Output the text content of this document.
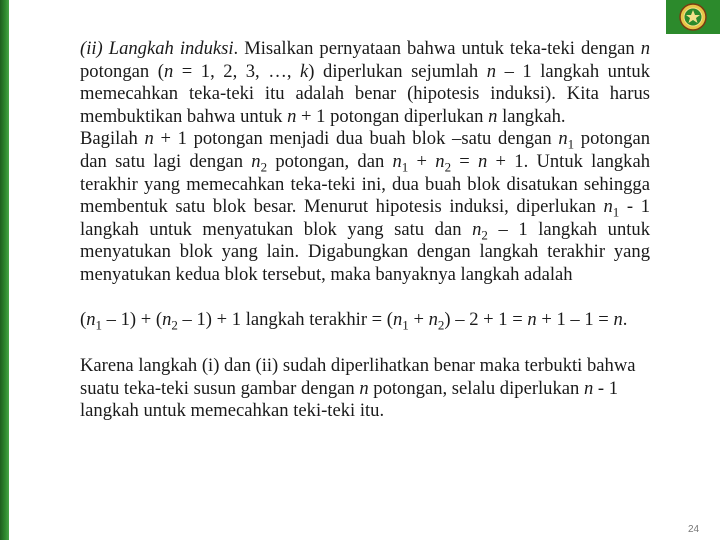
(ii) Langkah induksi. Misalkan pernyataan bahwa untuk teka-teki dengan n potongan (n = 1, 2, 3, …, k) diperlukan sejumlah n – 1 langkah untuk memecahkan teka-teki itu adalah benar (hipotesis induksi). Kita harus membuktikan bahwa untuk n + 1 potongan diperlukan n langkah.

Bagilah n + 1 potongan menjadi dua buah blok –satu dengan $n_1$ potongan dan satu lagi dengan $n_2$ potongan, dan $n_1 + n_2 = n + 1$. Untuk langkah terakhir yang memecahkan teka-teki ini, dua buah blok disatukan sehingga membentuk satu blok besar. Menurut hipotesis induksi, diperlukan $n_1 - 1$ langkah untuk menyatukan blok yang satu dan $n_2 - 1$ langkah untuk menyatukan blok yang lain. Digabungkan dengan langkah terakhir yang menyatukan kedua blok tersebut, maka banyaknya langkah adalah

$(n_1 - 1) + (n_2 - 1) + 1$ langkah terakhir = $(n_1 + n_2) - 2 + 1 = n + 1 - 1 = n$.

Karena langkah (i) dan (ii) sudah diperlihatkan benar maka terbukti bahwa suatu teka-teki susun gambar dengan n potongan, selalu diperlukan n - 1 langkah untuk memecahkan teki-teki itu.

24
